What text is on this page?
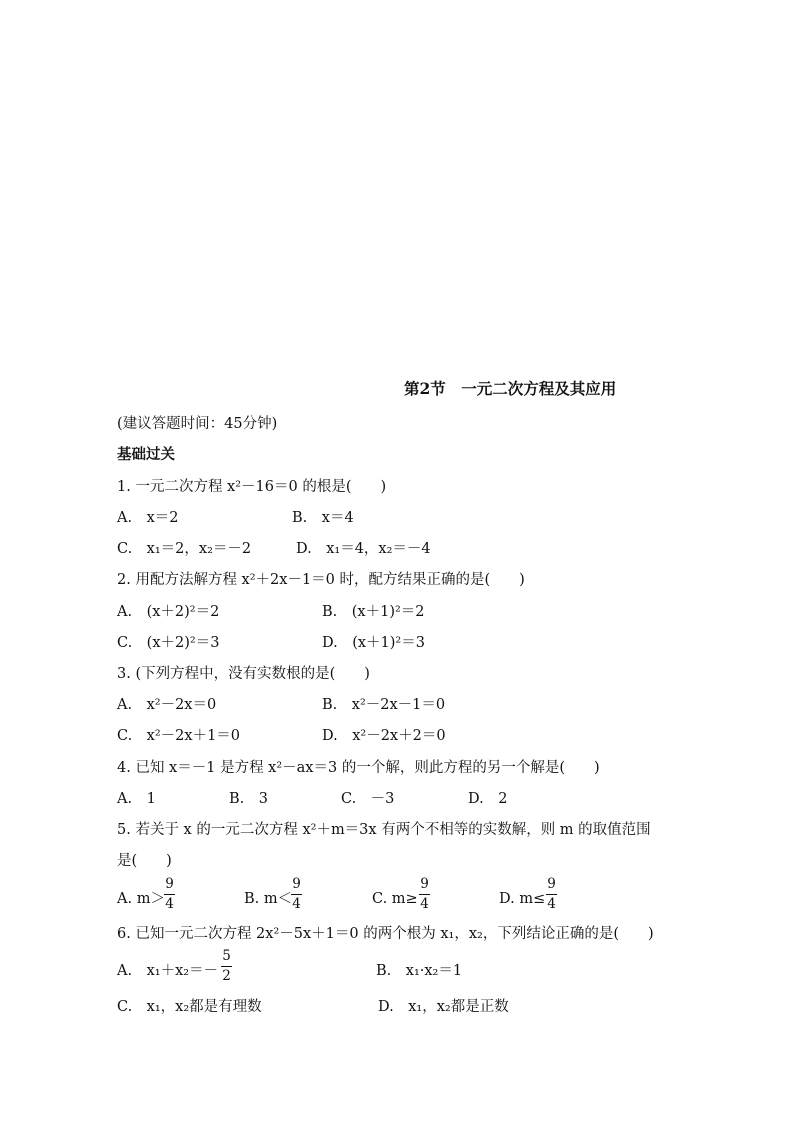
第2节　一元二次方程及其应用
(建议答题时间：45分钟)
基础过关
1. 一元二次方程 x²－16＝0 的根是(　　)
A.　x＝2	B.　x＝4
C.　x₁＝2，x₂＝－2	D.　x₁＝4，x₂＝－4
2. 用配方法解方程 x²＋2x－1＝0 时，配方结果正确的是(　　)
A.　(x＋2)²＝2	B.　(x＋1)²＝2
C.　(x＋2)²＝3	D.　(x＋1)²＝3
3. (下列方程中，没有实数根的是(　　)
A.　x²－2x＝0	B.　x²－2x－1＝0
C.　x²－2x＋1＝0	D.　x²－2x＋2＝0
4. 已知 x＝－1 是方程 x²－ax＝3 的一个解，则此方程的另一个解是(　　)
A.　1	B.　3	C.　－3	D.　2
5. 若关于 x 的一元二次方程 x²＋m＝3x 有两个不相等的实数解，则 m 的取值范围
是(　　)
A. m＞
9
4	B. m＜
9
4	C. m≥
9
4	D. m≤
9
4
6. 已知一元二次方程 2x²－5x＋1＝0 的两个根为 x₁，x₂，下列结论正确的是(　　)
A.　x₁＋x₂＝－
5
2	B.　x₁·x₂＝1
C.　x₁，x₂都是有理数	D.　x₁，x₂都是正数
